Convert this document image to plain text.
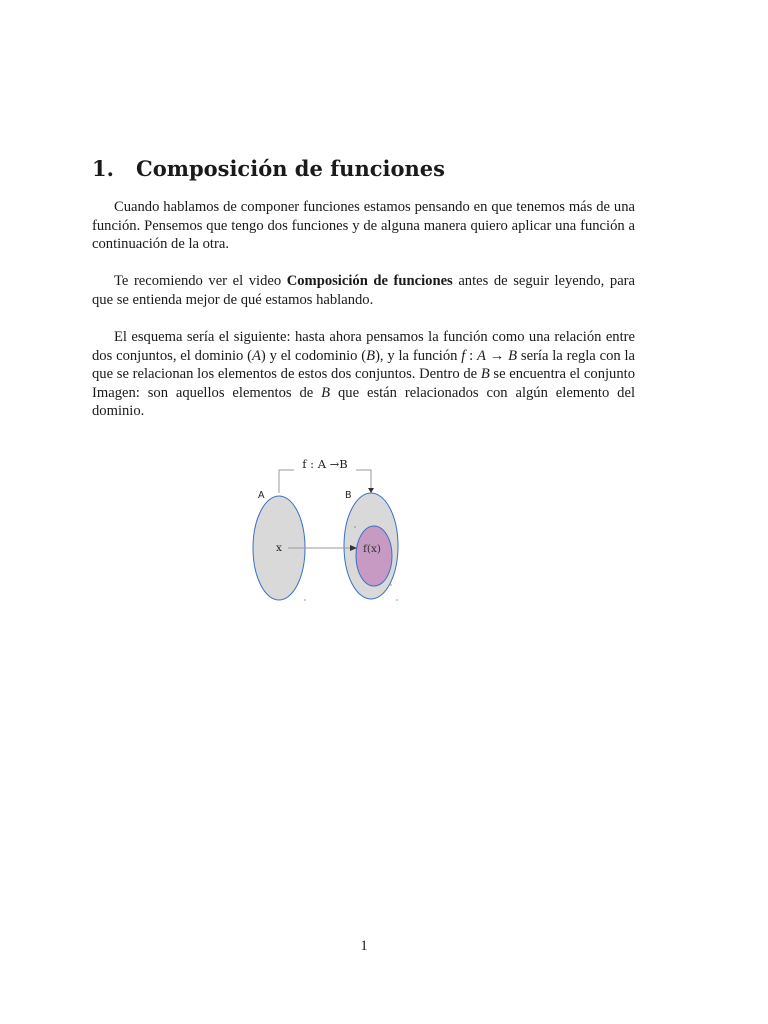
1. Composición de funciones

Cuando hablamos de componer funciones estamos pensando en que tenemos más de una función. Pensemos que tengo dos funciones y de alguna manera quiero aplicar una función a continuación de la otra.

Te recomiendo ver el video Composición de funciones antes de seguir leyendo, para que se entienda mejor de qué estamos hablando.

El esquema sería el siguiente: hasta ahora pensamos la función como una relación entre dos conjuntos, el dominio (A) y el codominio (B), y la función f : A → B sería la regla con la que se relacionan los elementos de estos dos conjuntos. Dentro de B se encuentra el conjunto Imagen: son aquellos elementos de B que están relacionados con algún elemento del dominio.

f : A →B
A	B
x	f(x)
1
